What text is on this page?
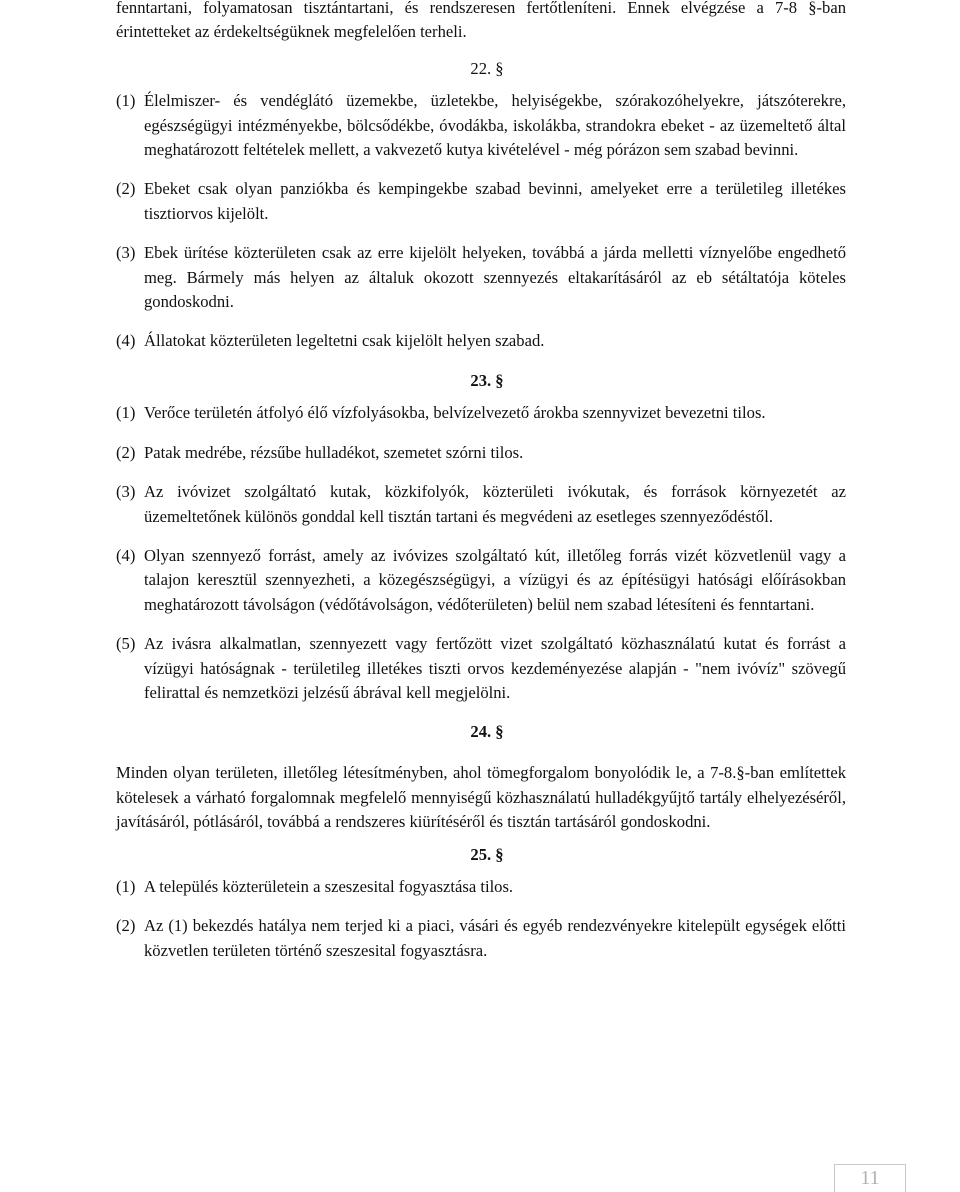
fenntartani, folyamatosan tisztántartani, és rendszeresen fertőtleníteni. Ennek elvégzése a 7-8 §-ban érintetteket az érdekeltségüknek megfelelően terheli.

22. §

(1) Élelmiszer- és vendéglátó üzemekbe, üzletekbe, helyiségekbe, szórakozóhelyekre, játszóterekre, egészségügyi intézményekbe, bölcsődékbe, óvodákba, iskolákba, strandokra ebeket - az üzemeltető által meghatározott feltételek mellett, a vakvezető kutya kivételével - még pórázon sem szabad bevinni.
(2) Ebeket csak olyan panziókba és kempingekbe szabad bevinni, amelyeket erre a területileg illetékes tisztiorvos kijelölt.
(3) Ebek ürítése közterületen csak az erre kijelölt helyeken, továbbá a járda melletti víznyelőbe engedhető meg. Bármely más helyen az általuk okozott szennyezés eltakarításáról az eb sétáltatója köteles gondoskodni.
(4) Állatokat közterületen legeltetni csak kijelölt helyen szabad.

23. §

(1) Verőce területén átfolyó élő vízfolyásokba, belvízelvezető árokba szennyvizet bevezetni tilos.
(2) Patak medrébe, rézsűbe hulladékot, szemetet szórni tilos.
(3) Az ivóvizet szolgáltató kutak, közkifolyók, közterületi ivókutak, és források környezetét az üzemeltetőnek különös gonddal kell tisztán tartani és megvédeni az esetleges szennyeződéstől.
(4) Olyan szennyező forrást, amely az ivóvizes szolgáltató kút, illetőleg forrás vizét közvetlenül vagy a talajon keresztül szennyezheti, a közegészségügyi, a vízügyi és az építésügyi hatósági előírásokban meghatározott távolságon (védőtávolságon, védőterületen) belül nem szabad létesíteni és fenntartani.
(5) Az ivásra alkalmatlan, szennyezett vagy fertőzött vizet szolgáltató közhasználatú kutat és forrást a vízügyi hatóságnak - területileg illetékes tiszti orvos kezdeményezése alapján - "nem ivóvíz" szövegű felirattal és nemzetközi jelzésű ábrával kell megjelölni.

24. §

Minden olyan területen, illetőleg létesítményben, ahol tömegforgalom bonyolódik le, a 7-8.§-ban említettek kötelesek a várható forgalomnak megfelelő mennyiségű közhasználatú hulladékgyűjtő tartály elhelyezéséről, javításáról, pótlásáról, továbbá a rendszeres kiürítéséről és tisztán tartásáról gondoskodni.

25. §

(1) A település közterületein a szeszesital fogyasztása tilos.
(2) Az (1) bekezdés hatálya nem terjed ki a piaci, vásári és egyéb rendezvényekre kitelepült egységek előtti közvetlen területen történő szeszesital fogyasztásra.
11
